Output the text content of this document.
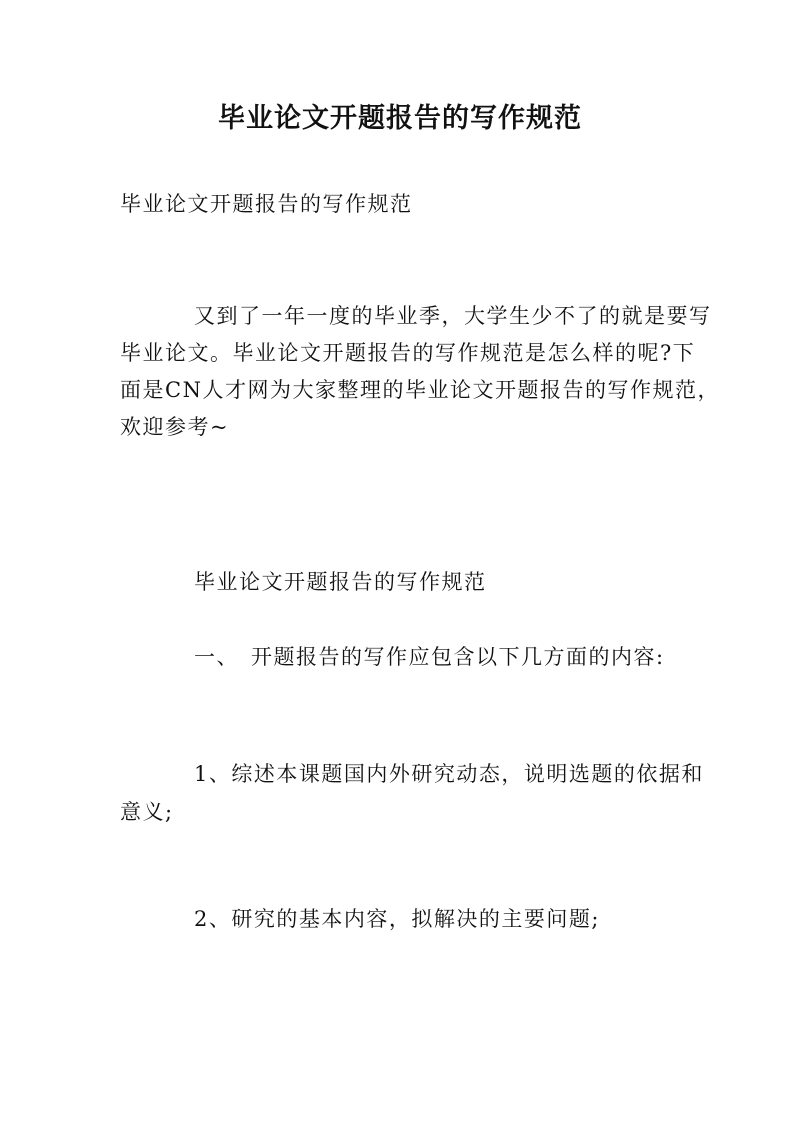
毕业论文开题报告的写作规范

毕业论文开题报告的写作规范

又到了一年一度的毕业季，大学生少不了的就是要写
毕业论文。毕业论文开题报告的写作规范是怎么样的呢?下
面是CN人才网为大家整理的毕业论文开题报告的写作规范，
欢迎参考~

毕业论文开题报告的写作规范

一、　开题报告的写作应包含以下几方面的内容:

1、综述本课题国内外研究动态，说明选题的依据和
意义;

2、研究的基本内容，拟解决的主要问题;
